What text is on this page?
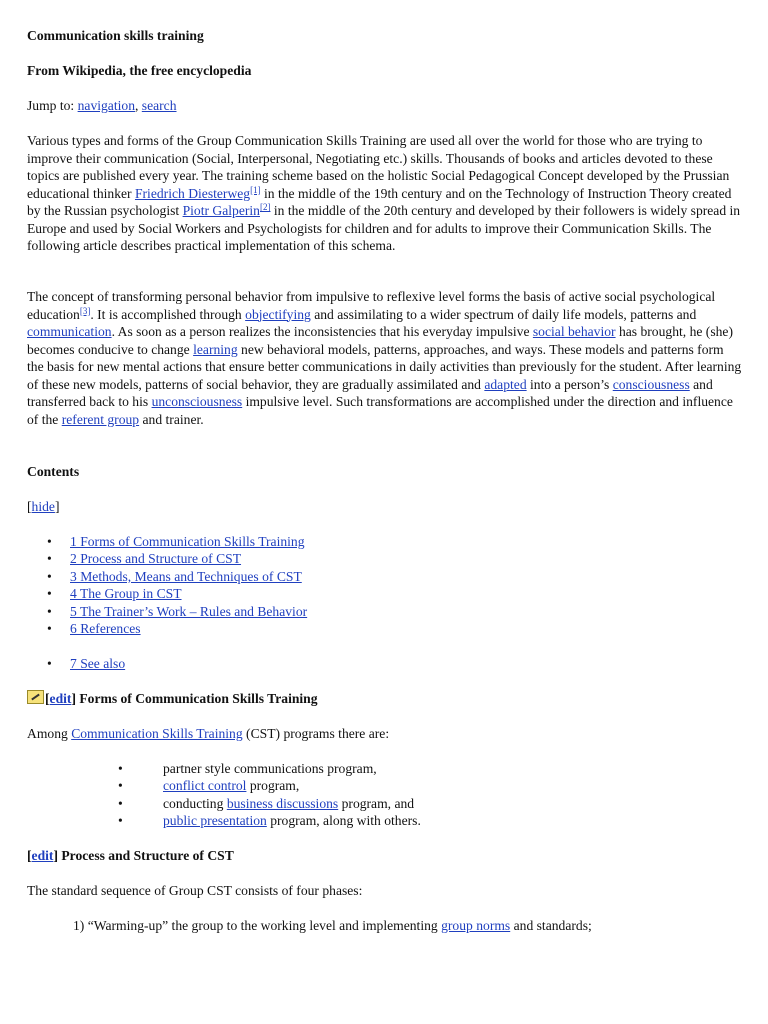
Communication skills training
From Wikipedia, the free encyclopedia
Jump to: navigation, search

Various types and forms of the Group Communication Skills Training are used all over the world for those who are trying to improve their communication (Social, Interpersonal, Negotiating etc.) skills. Thousands of books and articles devoted to these topics are published every year. The training scheme based on the holistic Social Pedagogical Concept developed by the Prussian educational thinker Friedrich Diesterweg[1] in the middle of the 19th century and on the Technology of Instruction Theory created by the Russian psychologist Piotr Galperin[2] in the middle of the 20th century and developed by their followers is widely spread in Europe and used by Social Workers and Psychologists for children and for adults to improve their Communication Skills. The following article describes practical implementation of this schema.

The concept of transforming personal behavior from impulsive to reflexive level forms the basis of active social psychological education[3]. It is accomplished through objectifying and assimilating to a wider spectrum of daily life models, patterns and communication. As soon as a person realizes the inconsistencies that his everyday impulsive social behavior has brought, he (she) becomes conducive to change learning new behavioral models, patterns, approaches, and ways. These models and patterns form the basis for new mental actions that ensure better communications in daily activities than previously for the student. After learning of these new models, patterns of social behavior, they are gradually assimilated and adapted into a person’s consciousness and transferred back to his unconsciousness impulsive level. Such transformations are accomplished under the direction and influence of the referent group and trainer.

Contents
[hide]
• 1 Forms of Communication Skills Training
• 2 Process and Structure of CST
• 3 Methods, Means and Techniques of CST
• 4 The Group in CST
• 5 The Trainer’s Work – Rules and Behavior
• 6 References
• 7 See also
[edit] Forms of Communication Skills Training
Among Communication Skills Training (CST) programs there are:
• partner style communications program,
• conflict control program,
• conducting business discussions program, and
• public presentation program, along with others.
[edit] Process and Structure of CST
The standard sequence of Group CST consists of four phases:
1) “Warming-up” the group to the working level and implementing group norms and standards;
